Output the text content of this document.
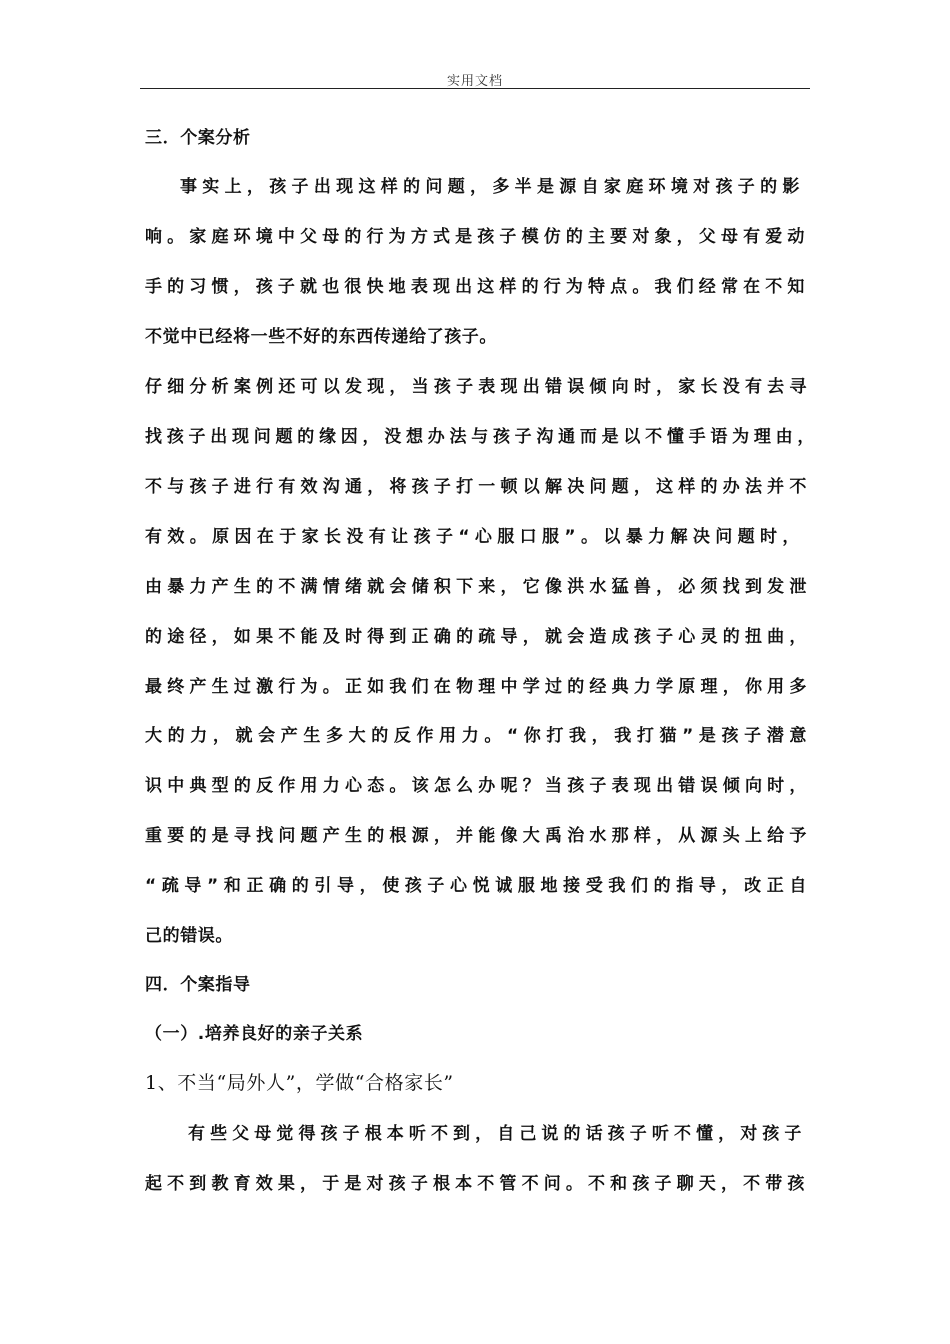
实用文档
三．个案分析
事实上，孩子出现这样的问题，多半是源自家庭环境对孩子的影
响。家庭环境中父母的行为方式是孩子模仿的主要对象，父母有爱动
手的习惯，孩子就也很快地表现出这样的行为特点。我们经常在不知
不觉中已经将一些不好的东西传递给了孩子。
仔细分析案例还可以发现，当孩子表现出错误倾向时，家长没有去寻
找孩子出现问题的缘因，没想办法与孩子沟通而是以不懂手语为理由，
不与孩子进行有效沟通，将孩子打一顿以解决问题，这样的办法并不
有效。原因在于家长没有让孩子“心服口服”。以暴力解决问题时，
由暴力产生的不满情绪就会储积下来，它像洪水猛兽，必须找到发泄
的途径，如果不能及时得到正确的疏导，就会造成孩子心灵的扭曲，
最终产生过激行为。正如我们在物理中学过的经典力学原理，你用多
大的力，就会产生多大的反作用力。“你打我，我打猫”是孩子潜意
识中典型的反作用力心态。该怎么办呢？当孩子表现出错误倾向时，
重要的是寻找问题产生的根源，并能像大禹治水那样，从源头上给予
“疏导”和正确的引导，使孩子心悦诚服地接受我们的指导，改正自
己的错误。
四．个案指导
（一）.培养良好的亲子关系
1、不当“局外人”，学做“合格家长”
有些父母觉得孩子根本听不到，自己说的话孩子听不懂，对孩子
起不到教育效果，于是对孩子根本不管不问。不和孩子聊天，不带孩
